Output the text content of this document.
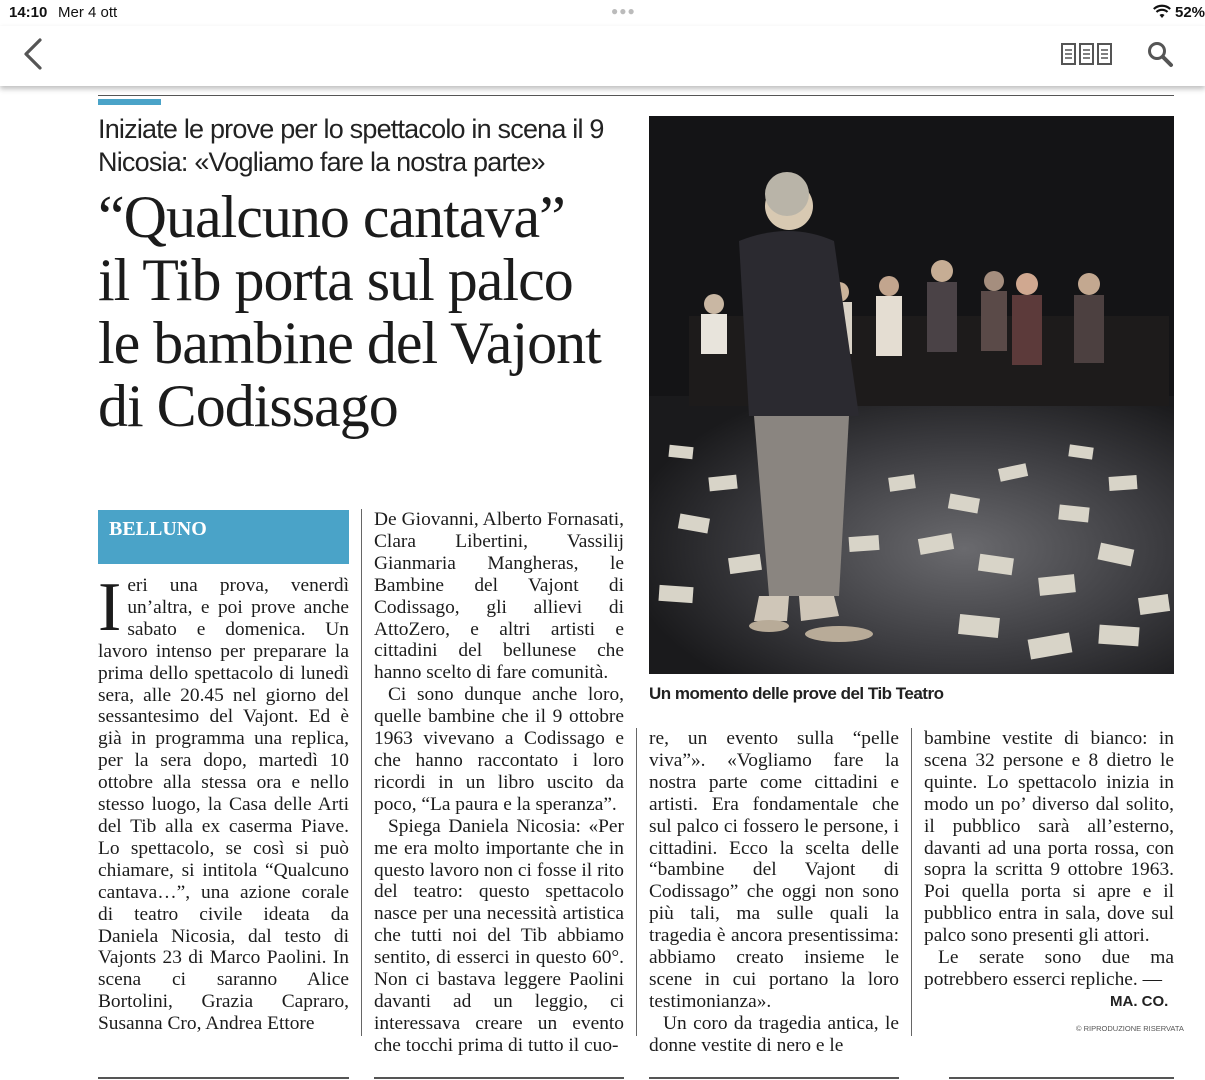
14:10 Mer 4 ott	●●●	52%
Iniziate le prove per lo spettacolo in scena il 9 Nicosia: «Vogliamo fare la nostra parte»
“Qualcuno cantava”
il Tib porta sul palco
le bambine del Vajont
di Codissago
Un momento delle prove del Tib Teatro
BELLUNO
I eri una prova, venerdì un’altra, e poi prove anche sabato e domenica. Un lavoro intenso per preparare la prima dello spettacolo di lunedì sera, alle 20.45 nel giorno del sessantesimo del Vajont. Ed è già in programma una replica, per la sera dopo, martedì 10 ottobre alla stessa ora e nello stesso luogo, la Casa delle Arti del Tib alla ex caserma Piave. Lo spettacolo, se così si può chiamare, si intitola “Qualcuno cantava…”, una azione corale di teatro civile ideata da Daniela Nicosia, dal testo di Vajonts 23 di Marco Paolini. In scena ci saranno Alice Bortolini, Grazia Capraro, Susanna Cro, Andrea Ettore

De Giovanni, Alberto Fornasati, Clara Libertini, Vassilij Gianmaria Mangheras, le Bambine del Vajont di Codissago, gli allievi di AttoZero, e altri artisti e cittadini del bellunese che hanno scelto di fare comunità.

Ci sono dunque anche loro, quelle bambine che il 9 ottobre 1963 vivevano a Codissago e che hanno raccontato i loro ricordi in un libro uscito da poco, “La paura e la speranza”.

Spiega Daniela Nicosia: «Per me era molto importante che in questo lavoro non ci fosse il rito del teatro: questo spettacolo nasce per una necessità artistica che tutti noi del Tib abbiamo sentito, di esserci in questo 60°. Non ci bastava leggere Paolini davanti ad un leggio, ci interessava creare un evento che tocchi prima di tutto il cuo-

re, un evento sulla “pelle viva”». «Vogliamo fare la nostra parte come cittadini e artisti. Era fondamentale che sul palco ci fossero le persone, i cittadini. Ecco la scelta delle “bambine del Vajont di Codissago” che oggi non sono più tali, ma sulle quali la tragedia è ancora presentissima: abbiamo creato insieme le scene in cui portano la loro testimonianza».

Un coro da tragedia antica, le donne vestite di nero e le

bambine vestite di bianco: in scena 32 persone e 8 dietro le quinte. Lo spettacolo inizia in modo un po’ diverso dal solito, il pubblico sarà all’esterno, davanti ad una porta rossa, con sopra la scritta 9 ottobre 1963. Poi quella porta si apre e il pubblico entra in sala, dove sul palco sono presenti gli attori.

Le serate sono due ma potrebbero esserci repliche. —

MA. CO.
© RIPRODUZIONE RISERVATA
